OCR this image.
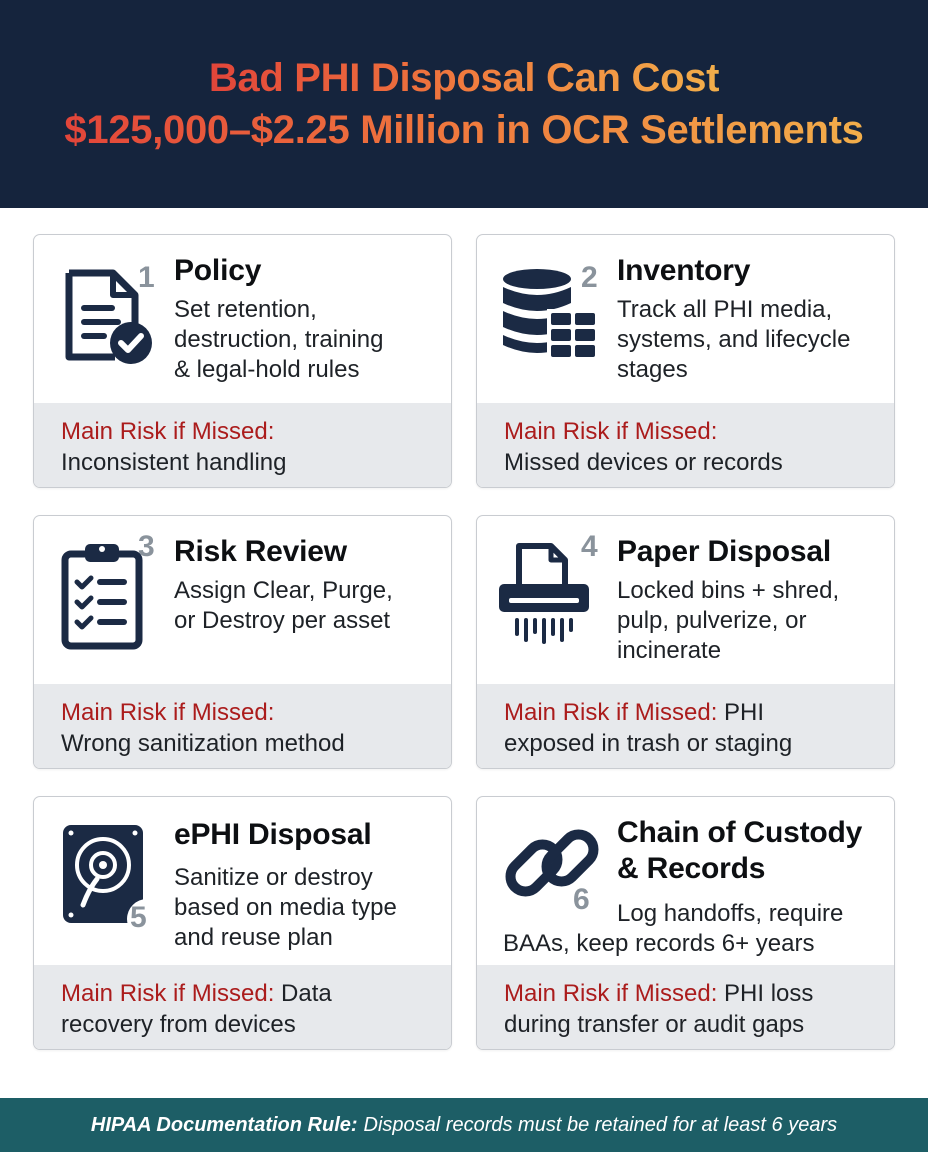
Bad PHI Disposal Can Cost
$125,000–$2.25 Million in OCR Settlements
1 Policy
Set retention,
destruction, training
& legal-hold rules
Main Risk if Missed:
Inconsistent handling
2 Inventory
Track all PHI media,
systems, and lifecycle
stages
Main Risk if Missed:
Missed devices or records
3 Risk Review
Assign Clear, Purge,
or Destroy per asset
Main Risk if Missed:
Wrong sanitization method
4 Paper Disposal
Locked bins + shred,
pulp, pulverize, or
incinerate
Main Risk if Missed: PHI
exposed in trash or staging
5
ePHI Disposal
Sanitize or destroy
based on media type
and reuse plan
Main Risk if Missed: Data
recovery from devices
6
Chain of Custody
& Records
Log handoffs, require
BAAs, keep records 6+ years
Main Risk if Missed: PHI loss
during transfer or audit gaps
HIPAA Documentation Rule: Disposal records must be retained for at least 6 years
